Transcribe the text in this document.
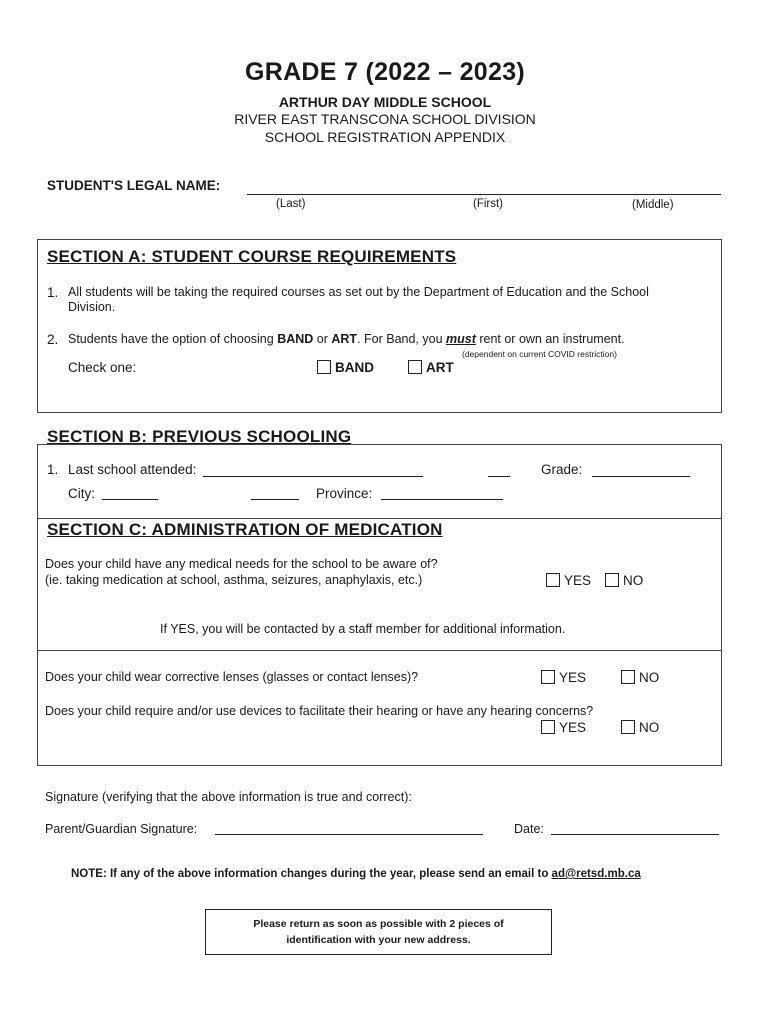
GRADE 7 (2022 – 2023)
ARTHUR DAY MIDDLE SCHOOL
RIVER EAST TRANSCONA SCHOOL DIVISION
SCHOOL REGISTRATION APPENDIX
STUDENT'S LEGAL NAME:
(Last)	(First)	(Middle)
SECTION A: STUDENT COURSE REQUIREMENTS
1. All students will be taking the required courses as set out by the Department of Education and the School
Division.
2. Students have the option of choosing BAND or ART. For Band, you must rent or own an instrument.
(dependent on current COVID restriction)
Check one:	BAND	ART
SECTION B: PREVIOUS SCHOOLING
1. Last school attended:	Grade:
City:	Province:
SECTION C: ADMINISTRATION OF MEDICATION
Does your child have any medical needs for the school to be aware of?
(ie. taking medication at school, asthma, seizures, anaphylaxis, etc.)	YES	NO
If YES, you will be contacted by a staff member for additional information.
Does your child wear corrective lenses (glasses or contact lenses)?	YES	NO
Does your child require and/or use devices to facilitate their hearing or have any hearing concerns?
YES	NO
Signature (verifying that the above information is true and correct):
Parent/Guardian Signature:	Date:
NOTE: If any of the above information changes during the year, please send an email to ad@retsd.mb.ca
Please return as soon as possible with 2 pieces of
identification with your new address.
